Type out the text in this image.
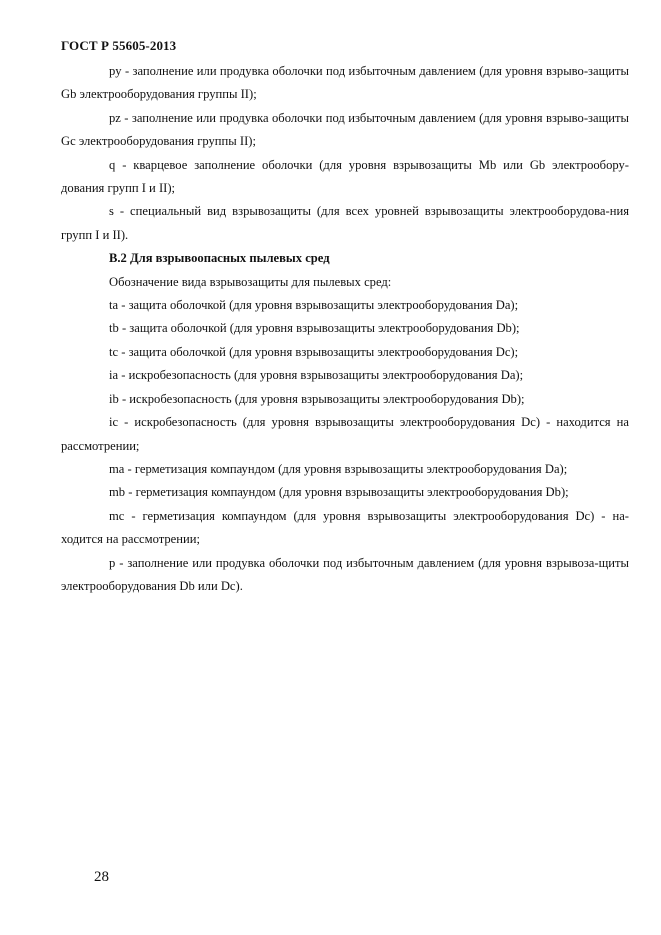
ГОСТ Р 55605-2013

py - заполнение или продувка оболочки под избыточным давлением (для уровня взрыво-защиты Gb электрооборудования группы II);

pz - заполнение или продувка оболочки под избыточным давлением (для уровня взрыво-защиты Gc электрооборудования группы II);

q - кварцевое заполнение оболочки (для уровня взрывозащиты Mb или Gb электрообору-дования групп I и II);

s - специальный вид взрывозащиты (для всех уровней взрывозащиты электрооборудова-ния групп I и II).

В.2 Для взрывоопасных пылевых сред

Обозначение вида взрывозащиты для пылевых сред:

ta - защита оболочкой (для уровня взрывозащиты электрооборудования Da);

tb - защита оболочкой (для уровня взрывозащиты электрооборудования Db);

tc - защита оболочкой (для уровня взрывозащиты электрооборудования Dc);

ia - искробезопасность (для уровня взрывозащиты электрооборудования Da);

ib - искробезопасность (для уровня взрывозащиты электрооборудования Db);

ic - искробезопасность (для уровня взрывозащиты электрооборудования Dc) - находится на рассмотрении;

ma - герметизация компаундом (для уровня взрывозащиты электрооборудования Da);

mb - герметизация компаундом (для уровня взрывозащиты электрооборудования Db);

mc - герметизация компаундом (для уровня взрывозащиты электрооборудования Dc) - на-ходится на рассмотрении;

p - заполнение или продувка оболочки под избыточным давлением (для уровня взрывоза-щиты электрооборудования Db или Dc).

28
